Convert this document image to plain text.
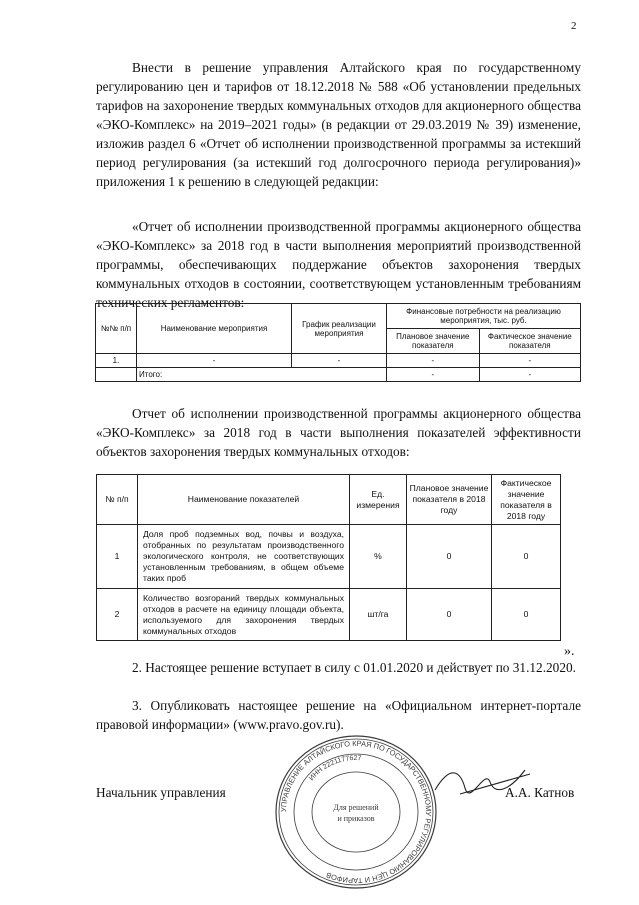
2

Внести в решение управления Алтайского края по государственному регулированию цен и тарифов от 18.12.2018 № 588 «Об установлении предельных тарифов на захоронение твердых коммунальных отходов для акционерного общества «ЭКО-Комплекс» на 2019–2021 годы» (в редакции от 29.03.2019 № 39) изменение, изложив раздел 6 «Отчет об исполнении производственной программы за истекший период регулирования (за истекший год долгосрочного периода регулирования)» приложения 1 к решению в следующей редакции:

«Отчет об исполнении производственной программы акционерного общества «ЭКО-Комплекс» за 2018 год в части выполнения мероприятий производственной программы, обеспечивающих поддержание объектов захоронения твердых коммунальных отходов в состоянии, соответствующем установленным требованиям технических регламентов:

№№ п/п	Наименование мероприятия	График реализации мероприятия	Финансовые потребности на реализацию мероприятия, тыс. руб.	
			Плановое значение показателя	Фактическое значение показателя
1.	-	-	-	-
	Итого:		-	-

Отчет об исполнении производственной программы акционерного общества «ЭКО-Комплекс» за 2018 год в части выполнения показателей эффективности объектов захоронения твердых коммунальных отходов:

№ п/п	Наименование показателей	Ед. измерения	Плановое значение показателя в 2018 году	Фактическое значение показателя в 2018 году
1	Доля проб подземных вод, почвы и воздуха, отобранных по результатам производственного экологического контроля, не соответствующих установленным требованиям, в общем объеме таких проб	%	0	0
2	Количество возгораний твердых коммунальных отходов в расчете на единицу площади объекта, используемого для захоронения твердых коммунальных отходов	шт/га	0	0
».

2. Настоящее решение вступает в силу с 01.01.2020 и действует по 31.12.2020.

3. Опубликовать настоящее решение на «Официальном интернет-портале правовой информации» (www.pravo.gov.ru).

Начальник управления
УПРАВЛЕНИЕ АЛТАЙСКОГО КРАЯ ПО ГОСУДАРСТВЕННОМУ РЕГУЛИРОВАНИЮ ЦЕН И ТАРИФОВ
ИНН 2221177627
Для решений
и приказов
А.А. Катнов
